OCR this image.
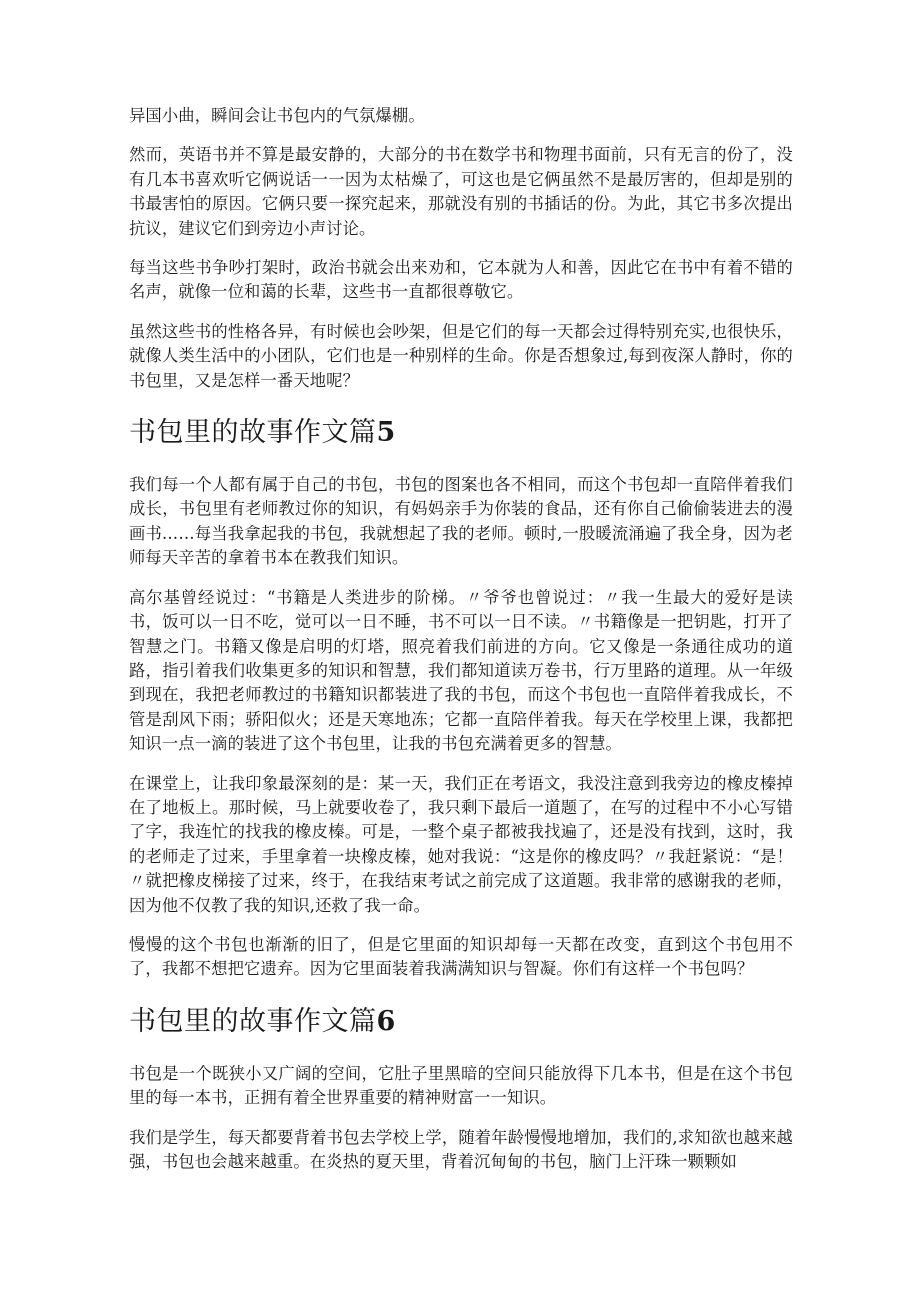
异国小曲，瞬间会让书包内的气氛爆棚。

然而，英语书并不算是最安静的，大部分的书在数学书和物理书面前，只有无言的份了，没有几本书喜欢听它俩说话一一因为太枯燥了，可这也是它俩虽然不是最厉害的，但却是别的书最害怕的原因。它俩只要一探究起来，那就没有别的书插话的份。为此，其它书多次提出抗议，建议它们到旁边小声讨论。

每当这些书争吵打架时，政治书就会出来劝和，它本就为人和善，因此它在书中有着不错的名声，就像一位和蔼的长辈，这些书一直都很尊敬它。

虽然这些书的性格各异，有时候也会吵架，但是它们的每一天都会过得特别充实,也很快乐，就像人类生活中的小团队，它们也是一种别样的生命。你是否想象过,每到夜深人静时，你的书包里，又是怎样一番天地呢？

书包里的故事作文篇5

我们每一个人都有属于自己的书包，书包的图案也各不相同，而这个书包却一直陪伴着我们成长，书包里有老师教过你的知识，有妈妈亲手为你装的食品，还有你自己偷偷装进去的漫画书……每当我拿起我的书包，我就想起了我的老师。顿时,一股暖流涌遍了我全身，因为老师每天辛苦的拿着书本在教我们知识。

高尔基曾经说过：“书籍是人类进步的阶梯。〃爷爷也曾说过：〃我一生最大的爱好是读书，饭可以一日不吃，觉可以一日不睡，书不可以一日不读。〃书籍像是一把钥匙，打开了智慧之门。书籍又像是启明的灯塔，照亮着我们前进的方向。它又像是一条通往成功的道路，指引着我们收集更多的知识和智慧，我们都知道读万卷书，行万里路的道理。从一年级到现在，我把老师教过的书籍知识都装进了我的书包，而这个书包也一直陪伴着我成长，不管是刮风下雨；骄阳似火；还是天寒地冻；它都一直陪伴着我。每天在学校里上课，我都把知识一点一滴的装进了这个书包里，让我的书包充满着更多的智慧。

在课堂上，让我印象最深刻的是：某一天，我们正在考语文，我没注意到我旁边的橡皮榛掉在了地板上。那时候，马上就要收卷了，我只剩下最后一道题了，在写的过程中不小心写错了字，我连忙的找我的橡皮榛。可是，一整个桌子都被我找遍了，还是没有找到，这时，我的老师走了过来，手里拿着一块橡皮榛，她对我说：“这是你的橡皮吗？〃我赶紧说：“是！〃就把橡皮梯接了过来，终于，在我结束考试之前完成了这道题。我非常的感谢我的老师，因为他不仅教了我的知识,还救了我一命。

慢慢的这个书包也渐渐的旧了，但是它里面的知识却每一天都在改变，直到这个书包用不了，我都不想把它遗弃。因为它里面装着我满满知识与智凝。你们有这样一个书包吗？

书包里的故事作文篇6

书包是一个既狭小又广阔的空间，它肚子里黑暗的空间只能放得下几本书，但是在这个书包里的每一本书，正拥有着全世界重要的精神财富一一知识。

我们是学生，每天都要背着书包去学校上学，随着年龄慢慢地增加，我们的,求知欲也越来越强，书包也会越来越重。在炎热的夏天里，背着沉甸甸的书包，脑门上汗珠一颗颗如
